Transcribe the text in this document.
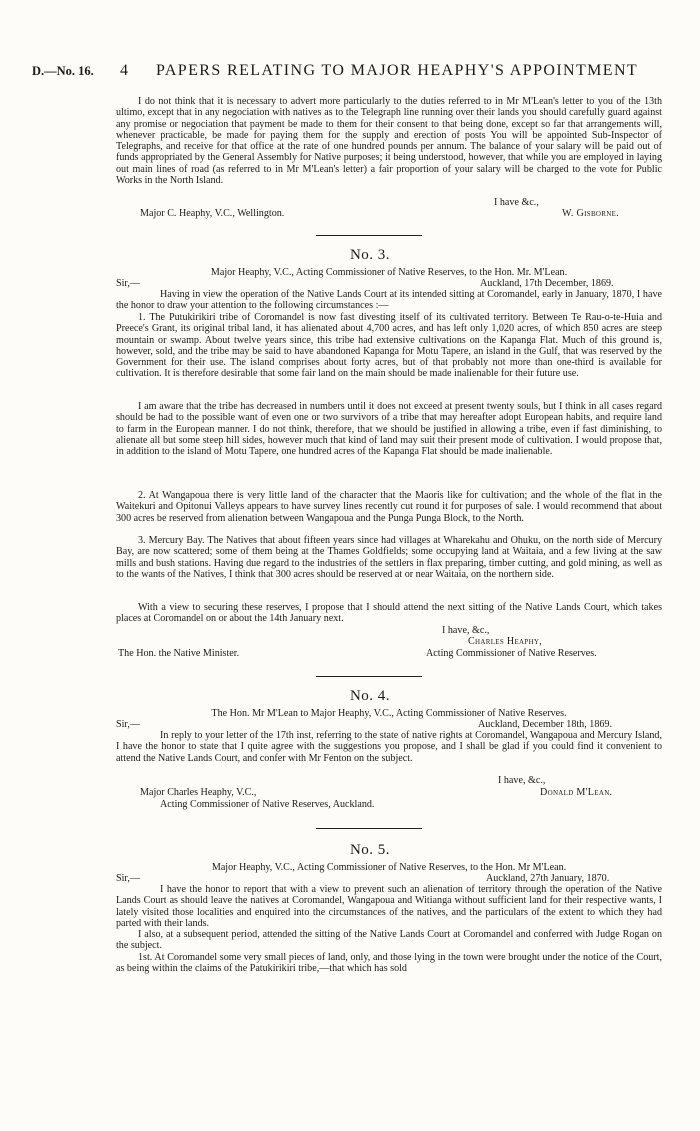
D.—No. 16. 4 PAPERS RELATING TO MAJOR HEAPHY'S APPOINTMENT

I do not think that it is necessary to advert more particularly to the duties referred to in Mr M'Lean's letter to you of the 13th ultimo, except that in any negociation with natives as to the Telegraph line running over their lands you should carefully guard against any promise or negociation that payment be made to them for their consent to that being done, except so far that arrangements will, whenever practicable, be made for paying them for the supply and erection of posts You will be appointed Sub-Inspector of Telegraphs, and receive for that office at the rate of one hundred pounds per annum. The balance of your salary will be paid out of funds appropriated by the General Assembly for Native purposes; it being understood, however, that while you are employed in laying out main lines of road (as referred to in Mr M'Lean's letter) a fair proportion of your salary will be charged to the vote for Public Works in the North Island.

I have &c.,
Major C. Heaphy, V.C., Wellington.	W. Gisborne.
No. 3.

Major Heaphy, V.C., Acting Commissioner of Native Reserves, to the Hon. Mr. M'Lean.

Sir,—	Auckland, 17th December, 1869.

Having in view the operation of the Native Lands Court at its intended sitting at Coromandel, early in January, 1870, I have the honor to draw your attention to the following circumstances :—

1. The Putukirikiri tribe of Coromandel is now fast divesting itself of its cultivated territory. Between Te Rau-o-te-Huia and Preece's Grant, its original tribal land, it has alienated about 4,700 acres, and has left only 1,020 acres, of which 850 acres are steep mountain or swamp. About twelve years since, this tribe had extensive cultivations on the Kapanga Flat. Much of this ground is, however, sold, and the tribe may be said to have abandoned Kapanga for Motu Tapere, an island in the Gulf, that was reserved by the Government for their use. The island comprises about forty acres, but of that probably not more than one-third is available for cultivation. It is therefore desirable that some fair land on the main should be made inalienable for their future use.

I am aware that the tribe has decreased in numbers until it does not exceed at present twenty souls, but I think in all cases regard should be had to the possible want of even one or two survivors of a tribe that may hereafter adopt European habits, and require land to farm in the European manner. I do not think, therefore, that we should be justified in allowing a tribe, even if fast diminishing, to alienate all but some steep hill sides, however much that kind of land may suit their present mode of cultivation. I would propose that, in addition to the island of Motu Tapere, one hundred acres of the Kapanga Flat should be made inalienable.

2. At Wangapoua there is very little land of the character that the Maoris like for cultivation; and the whole of the flat in the Waitekuri and Opitonui Valleys appears to have survey lines recently cut round it for purposes of sale. I would recommend that about 300 acres be reserved from alienation between Wangapoua and the Punga Punga Block, to the North.

3. Mercury Bay. The Natives that about fifteen years since had villages at Wharekahu and Ohuku, on the north side of Mercury Bay, are now scattered; some of them being at the Thames Goldfields; some occupying land at Waitaia, and a few living at the saw mills and bush stations. Having due regard to the industries of the settlers in flax preparing, timber cutting, and gold mining, as well as to the wants of the Natives, I think that 300 acres should be reserved at or near Waitaia, on the northern side.

With a view to securing these reserves, I propose that I should attend the next sitting of the Native Lands Court, which takes places at Coromandel on or about the 14th January next.

I have, &c.,
Charles Heaphy,
The Hon. the Native Minister.	Acting Commissioner of Native Reserves.
No. 4.

The Hon. Mr M'Lean to Major Heaphy, V.C., Acting Commissioner of Native Reserves.

Sir,—	Auckland, December 18th, 1869.

In reply to your letter of the 17th inst, referring to the state of native rights at Coromandel, Wangapoua and Mercury Island, I have the honor to state that I quite agree with the suggestions you propose, and I shall be glad if you could find it convenient to attend the Native Lands Court, and confer with Mr Fenton on the subject.

I have, &c.,
Major Charles Heaphy, V.C.,	Donald M'Lean.
Acting Commissioner of Native Reserves, Auckland.
No. 5.

Major Heaphy, V.C., Acting Commissioner of Native Reserves, to the Hon. Mr M'Lean.

Sir,—	Auckland, 27th January, 1870.

I have the honor to report that with a view to prevent such an alienation of territory through the operation of the Native Lands Court as should leave the natives at Coromandel, Wangapoua and Witianga without sufficient land for their respective wants, I lately visited those localities and enquired into the circumstances of the natives, and the particulars of the extent to which they had parted with their lands.

I also, at a subsequent period, attended the sitting of the Native Lands Court at Coromandel and conferred with Judge Rogan on the subject.

1st. At Coromandel some very small pieces of land, only, and those lying in the town were brought under the notice of the Court, as being within the claims of the Patukirikiri tribe,—that which has sold
